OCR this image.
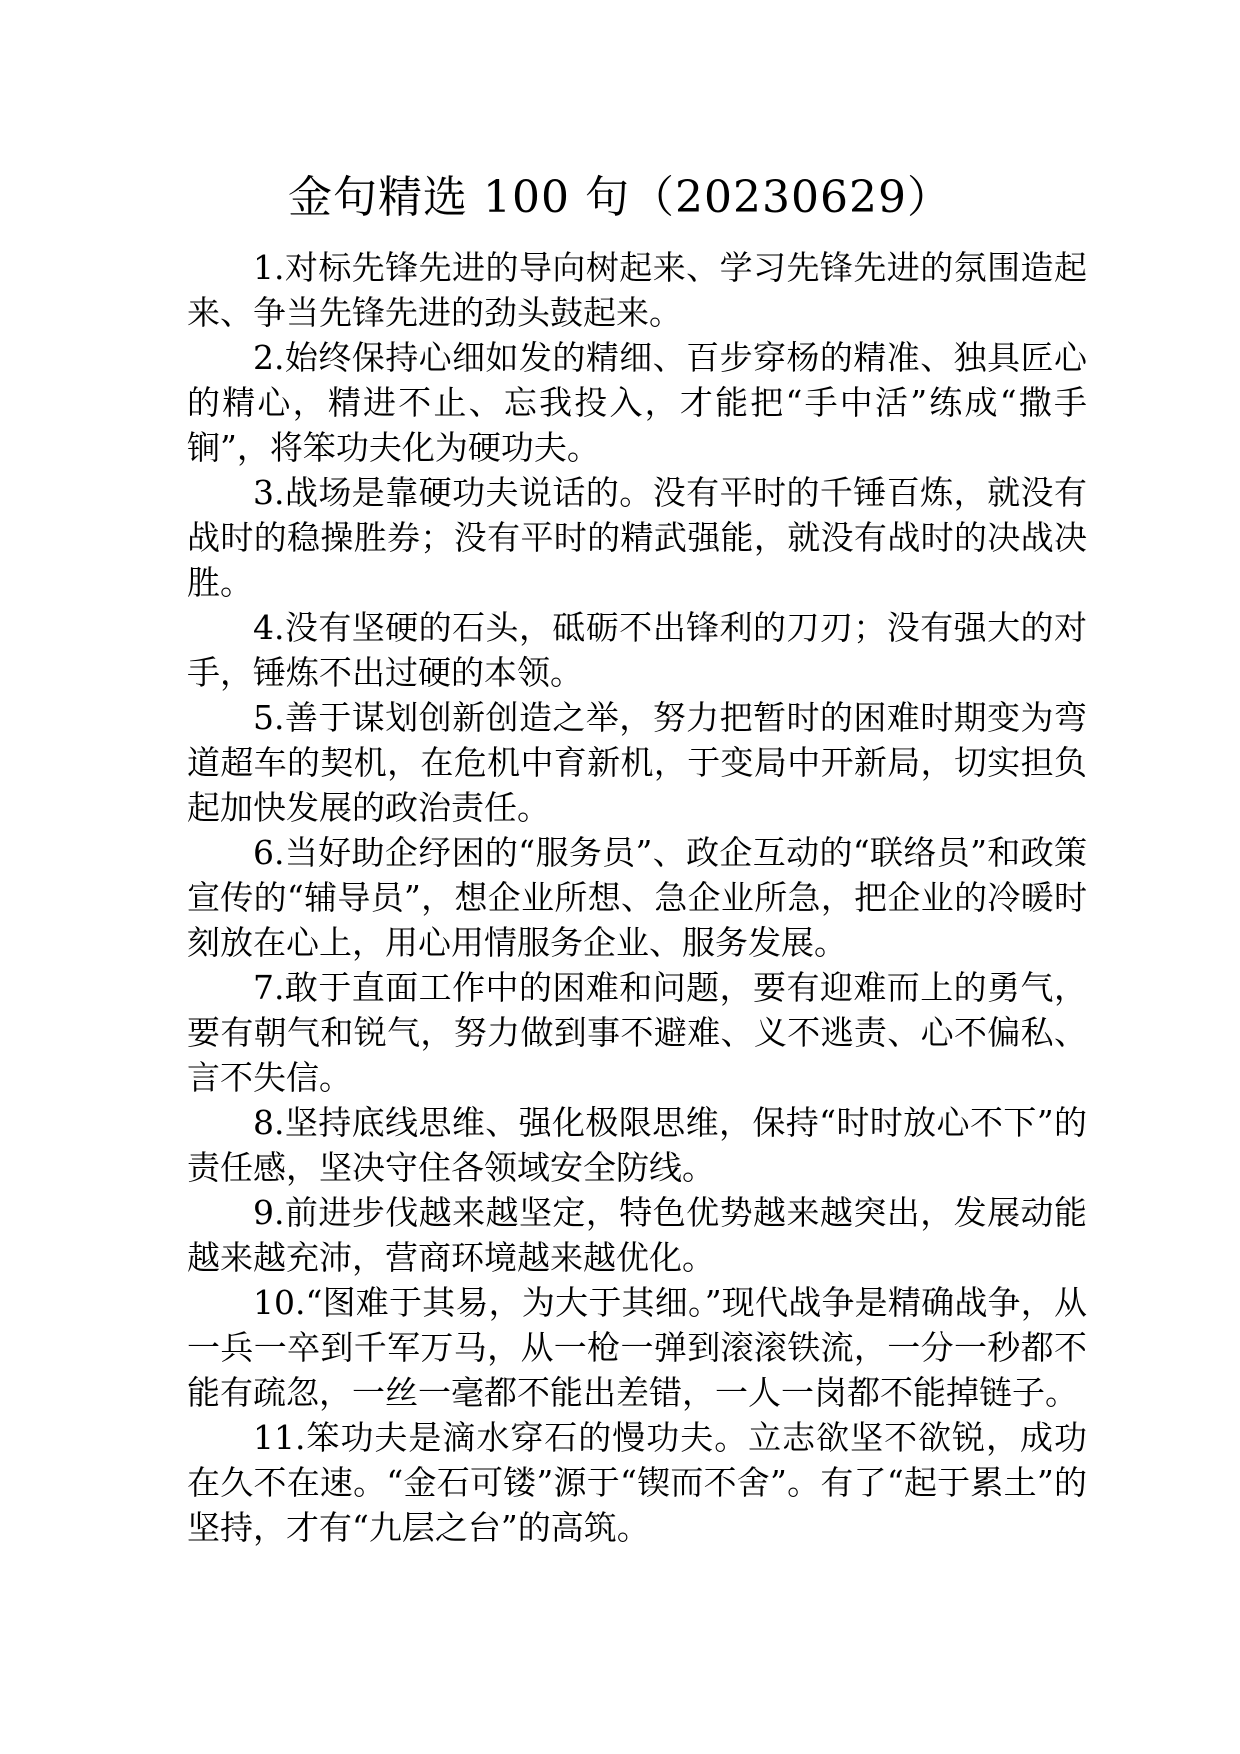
金句精选 100 句（20230629）

1.对标先锋先进的导向树起来、学习先锋先进的氛围造起来、争当先锋先进的劲头鼓起来。

2.始终保持心细如发的精细、百步穿杨的精准、独具匠心的精心，精进不止、忘我投入，才能把“手中活”练成“撒手锏”，将笨功夫化为硬功夫。

3.战场是靠硬功夫说话的。没有平时的千锤百炼，就没有战时的稳操胜券；没有平时的精武强能，就没有战时的决战决胜。

4.没有坚硬的石头，砥砺不出锋利的刀刃；没有强大的对手，锤炼不出过硬的本领。

5.善于谋划创新创造之举，努力把暂时的困难时期变为弯道超车的契机，在危机中育新机，于变局中开新局，切实担负起加快发展的政治责任。

6.当好助企纾困的“服务员”、政企互动的“联络员”和政策宣传的“辅导员”，想企业所想、急企业所急，把企业的冷暖时刻放在心上，用心用情服务企业、服务发展。

7.敢于直面工作中的困难和问题，要有迎难而上的勇气，要有朝气和锐气，努力做到事不避难、义不逃责、心不偏私、言不失信。

8.坚持底线思维、强化极限思维，保持“时时放心不下”的责任感，坚决守住各领域安全防线。

9.前进步伐越来越坚定，特色优势越来越突出，发展动能越来越充沛，营商环境越来越优化。

10.“图难于其易，为大于其细。”现代战争是精确战争，从一兵一卒到千军万马，从一枪一弹到滚滚铁流，一分一秒都不能有疏忽，一丝一毫都不能出差错，一人一岗都不能掉链子。

11.笨功夫是滴水穿石的慢功夫。立志欲坚不欲锐，成功在久不在速。“金石可镂”源于“锲而不舍”。有了“起于累土”的坚持，才有“九层之台”的高筑。
